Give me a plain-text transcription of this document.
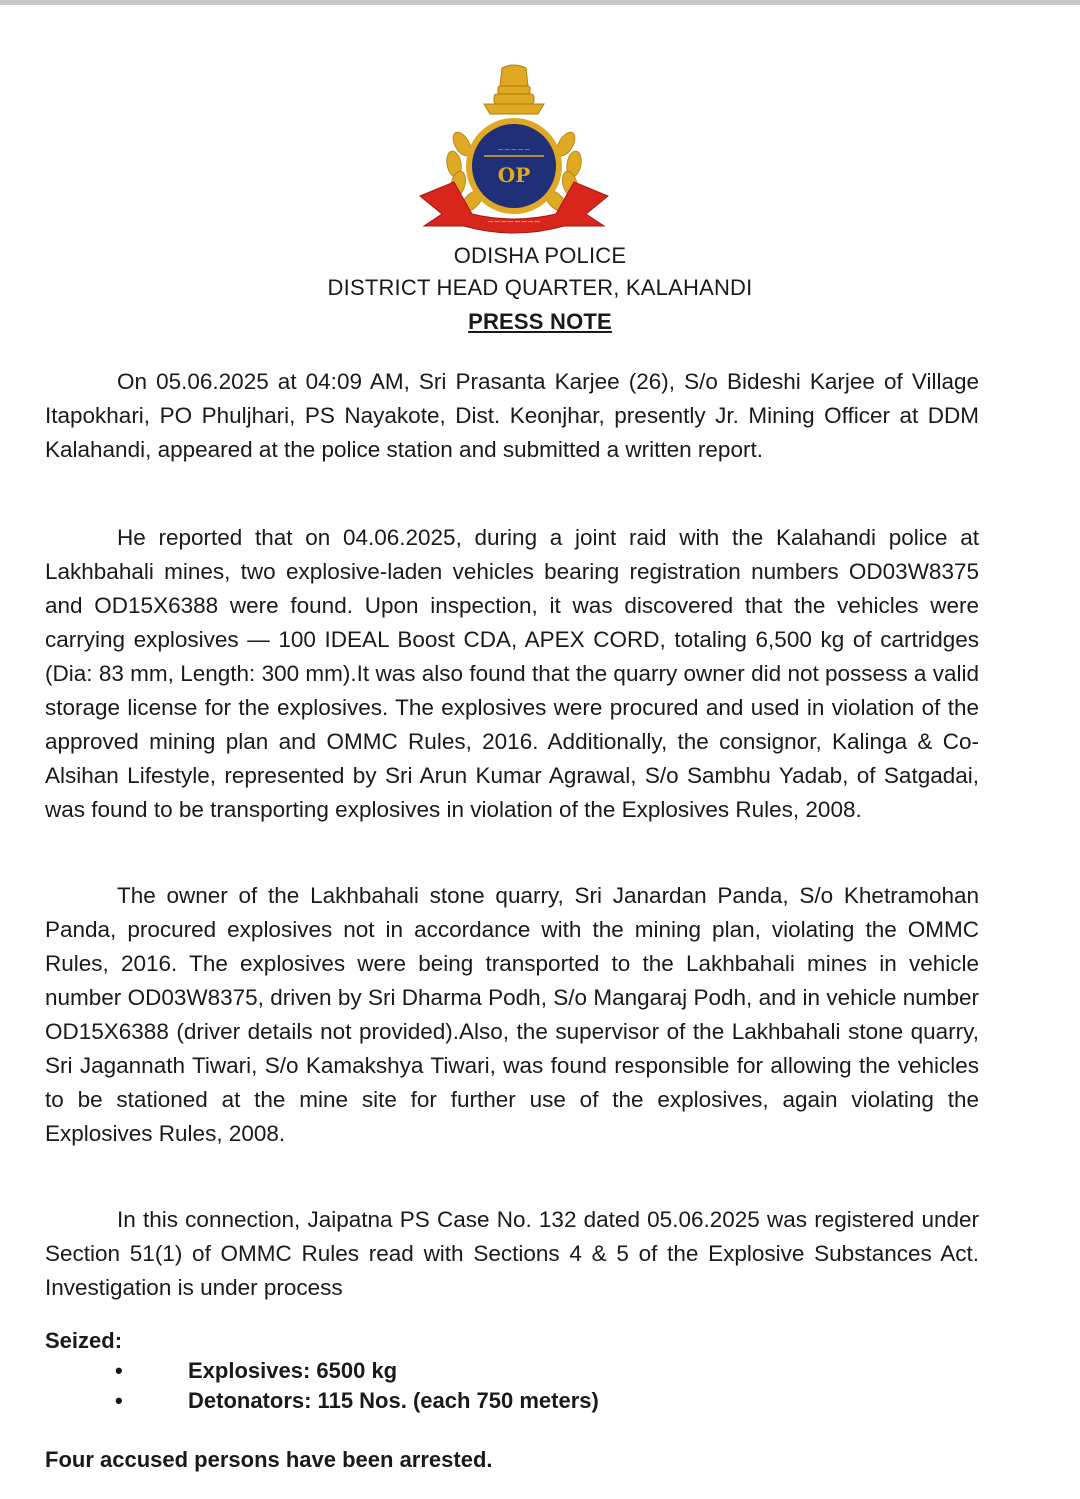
~~~~~
OP
~~~~~~~~
ODISHA POLICE
DISTRICT HEAD QUARTER, KALAHANDI
PRESS NOTE

On 05.06.2025 at 04:09 AM, Sri Prasanta Karjee (26), S/o Bideshi Karjee of Village Itapokhari, PO Phuljhari, PS Nayakote, Dist. Keonjhar, presently Jr. Mining Officer at DDM Kalahandi, appeared at the police station and submitted a written report.

He reported that on 04.06.2025, during a joint raid with the Kalahandi police at Lakhbahali mines, two explosive-laden vehicles bearing registration numbers OD03W8375 and OD15X6388 were found. Upon inspection, it was discovered that the vehicles were carrying explosives — 100 IDEAL Boost CDA, APEX CORD, totaling 6,500 kg of cartridges (Dia: 83 mm, Length: 300 mm).It was also found that the quarry owner did not possess a valid storage license for the explosives. The explosives were procured and used in violation of the approved mining plan and OMMC Rules, 2016. Additionally, the consignor, Kalinga & Co-Alsihan Lifestyle, represented by Sri Arun Kumar Agrawal, S/o Sambhu Yadab, of Satgadai, was found to be transporting explosives in violation of the Explosives Rules, 2008.

The owner of the Lakhbahali stone quarry, Sri Janardan Panda, S/o Khetramohan Panda, procured explosives not in accordance with the mining plan, violating the OMMC Rules, 2016. The explosives were being transported to the Lakhbahali mines in vehicle number OD03W8375, driven by Sri Dharma Podh, S/o Mangaraj Podh, and in vehicle number OD15X6388 (driver details not provided).Also, the supervisor of the Lakhbahali stone quarry, Sri Jagannath Tiwari, S/o Kamakshya Tiwari, was found responsible for allowing the vehicles to be stationed at the mine site for further use of the explosives, again violating the Explosives Rules, 2008.

In this connection, Jaipatna PS Case No. 132 dated 05.06.2025 was registered under Section 51(1) of OMMC Rules read with Sections 4 & 5 of the Explosive Substances Act. Investigation is under process

Seized:
•	Explosives: 6500 kg
•	Detonators: 115 Nos. (each 750 meters)
Four accused persons have been arrested.
